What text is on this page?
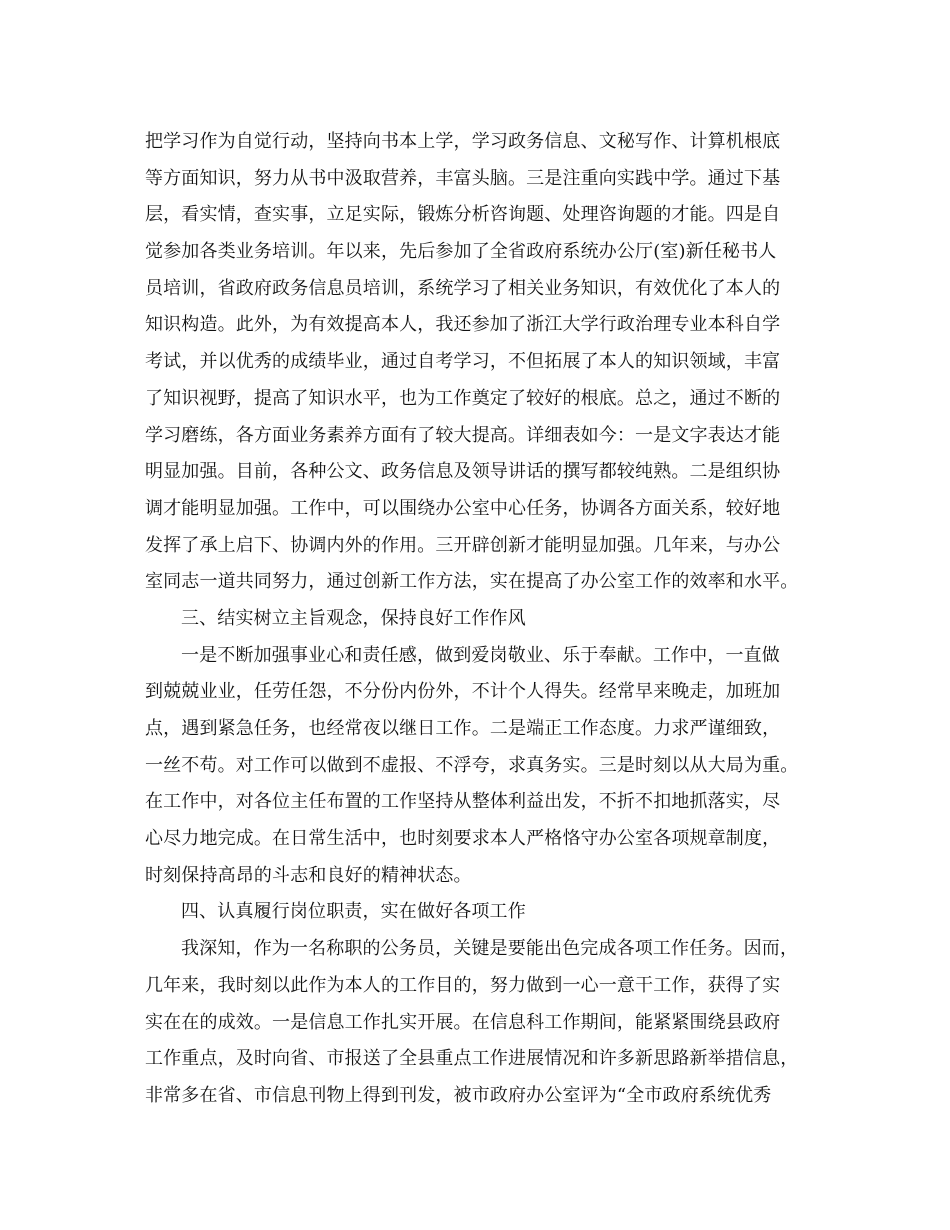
把学习作为自觉行动，坚持向书本上学，学习政务信息、文秘写作、计算机根底
等方面知识，努力从书中汲取营养，丰富头脑。三是注重向实践中学。通过下基
层，看实情，查实事，立足实际，锻炼分析咨询题、处理咨询题的才能。四是自
觉参加各类业务培训。年以来，先后参加了全省政府系统办公厅(室)新任秘书人
员培训，省政府政务信息员培训，系统学习了相关业务知识，有效优化了本人的
知识构造。此外，为有效提高本人，我还参加了浙江大学行政治理专业本科自学
考试，并以优秀的成绩毕业，通过自考学习，不但拓展了本人的知识领域，丰富
了知识视野，提高了知识水平，也为工作奠定了较好的根底。总之，通过不断的
学习磨练，各方面业务素养方面有了较大提高。详细表如今：一是文字表达才能
明显加强。目前，各种公文、政务信息及领导讲话的撰写都较纯熟。二是组织协
调才能明显加强。工作中，可以围绕办公室中心任务，协调各方面关系，较好地
发挥了承上启下、协调内外的作用。三开辟创新才能明显加强。几年来，与办公
室同志一道共同努力，通过创新工作方法，实在提高了办公室工作的效率和水平。
三、结实树立主旨观念，保持良好工作作风
一是不断加强事业心和责任感，做到爱岗敬业、乐于奉献。工作中，一直做
到兢兢业业，任劳任怨，不分份内份外，不计个人得失。经常早来晚走，加班加
点，遇到紧急任务，也经常夜以继日工作。二是端正工作态度。力求严谨细致，
一丝不苟。对工作可以做到不虚报、不浮夸，求真务实。三是时刻以从大局为重。
在工作中，对各位主任布置的工作坚持从整体利益出发，不折不扣地抓落实，尽
心尽力地完成。在日常生活中，也时刻要求本人严格恪守办公室各项规章制度，
时刻保持高昂的斗志和良好的精神状态。
四、认真履行岗位职责，实在做好各项工作
我深知，作为一名称职的公务员，关键是要能出色完成各项工作任务。因而，
几年来，我时刻以此作为本人的工作目的，努力做到一心一意干工作，获得了实
实在在的成效。一是信息工作扎实开展。在信息科工作期间，能紧紧围绕县政府
工作重点，及时向省、市报送了全县重点工作进展情况和许多新思路新举措信息，
非常多在省、市信息刊物上得到刊发，被市政府办公室评为“全市政府系统优秀
